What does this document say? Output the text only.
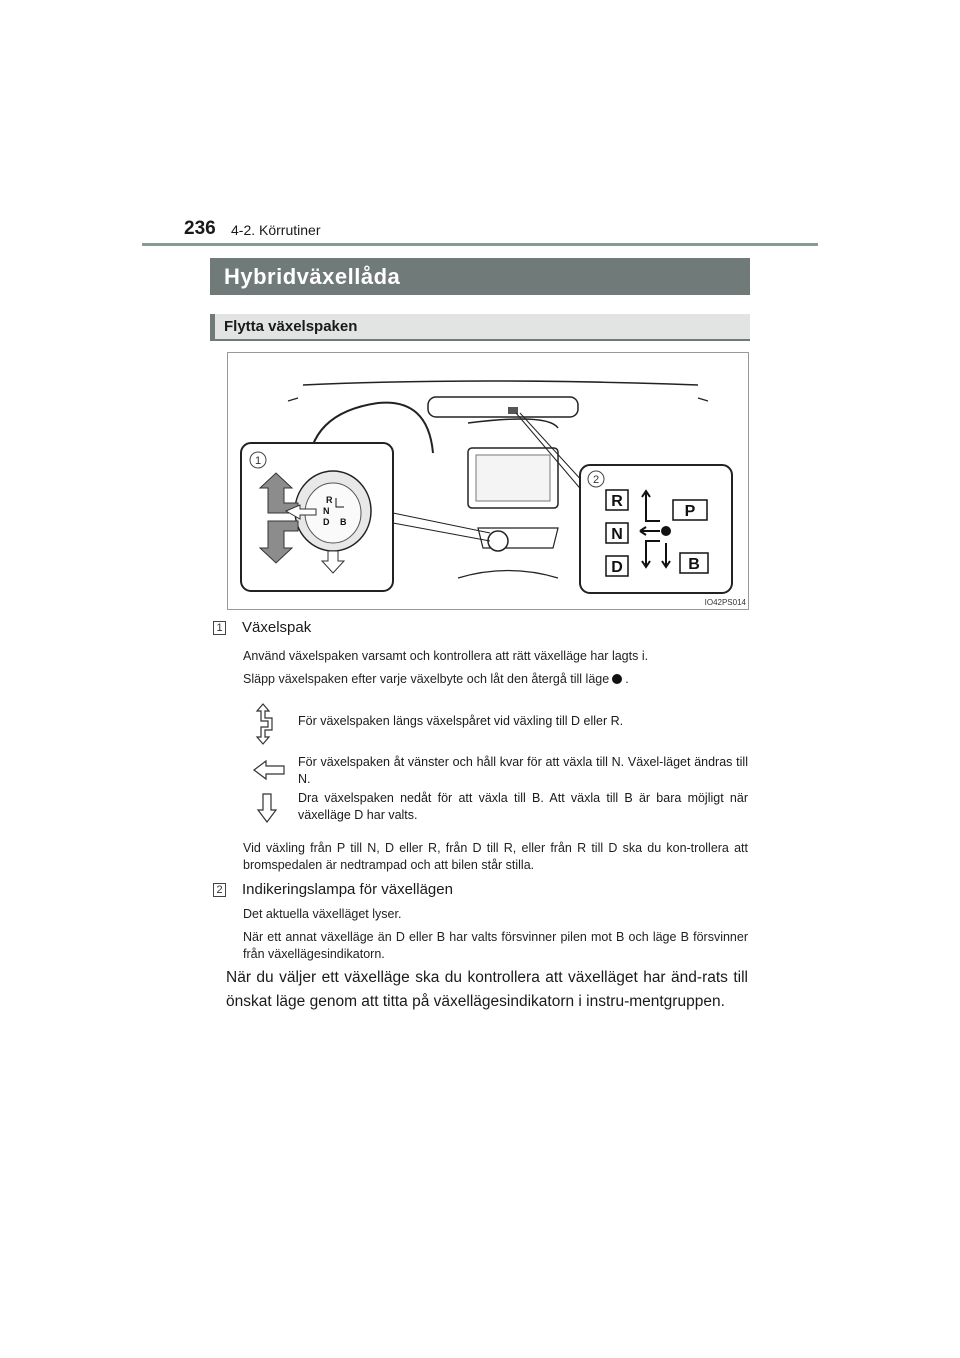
236 4-2. Körrutiner
Hybridväxellåda
Flytta växelspaken
1
R
N
D B
2
R
N
D
P
B
IO42PS014
1 Växelspak
Använd växelspaken varsamt och kontrollera att rätt växelläge har lagts i.
Släpp växelspaken efter varje växelbyte och låt den återgå till läge .
För växelspaken längs växelspåret vid växling till D eller R.
För växelspaken åt vänster och håll kvar för att växla till N. Växel-läget ändras till N.
Dra växelspaken nedåt för att växla till B. Att växla till B är bara möjligt när växelläge D har valts.
Vid växling från P till N, D eller R, från D till R, eller från R till D ska du kon-trollera att bromspedalen är nedtrampad och att bilen står stilla.
2 Indikeringslampa för växellägen
Det aktuella växelläget lyser.
När ett annat växelläge än D eller B har valts försvinner pilen mot B och läge B försvinner från växellägesindikatorn.
När du väljer ett växelläge ska du kontrollera att växelläget har änd-rats till önskat läge genom att titta på växellägesindikatorn i instru-mentgruppen.
